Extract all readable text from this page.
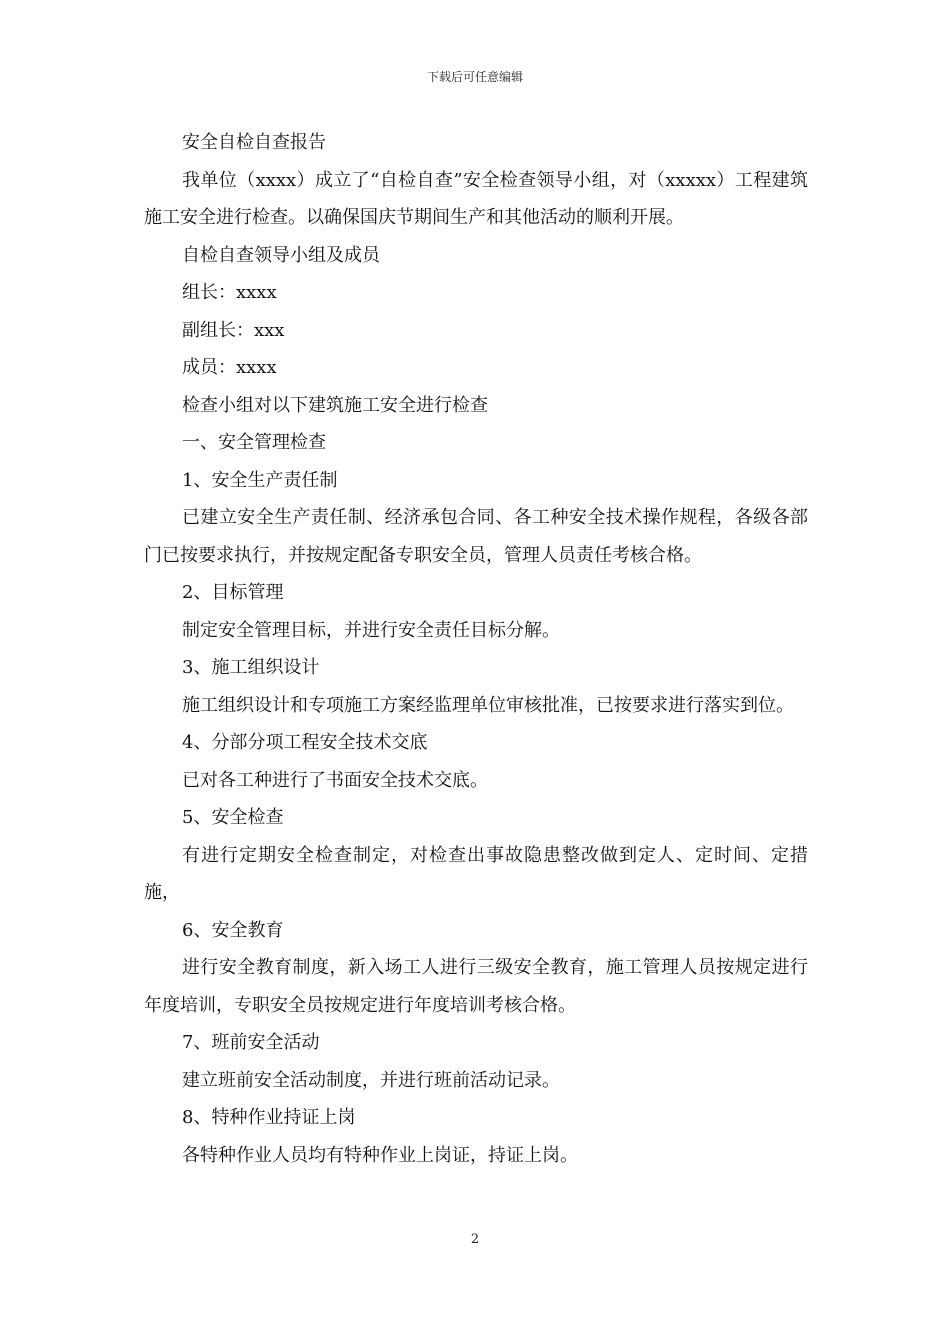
下载后可任意编辑

安全自检自查报告

我单位（xxxx）成立了“自检自查”安全检查领导小组，对（xxxxx）工程建筑施工安全进行检查。以确保国庆节期间生产和其他活动的顺利开展。

自检自查领导小组及成员

组长：xxxx

副组长：xxx

成员：xxxx

检查小组对以下建筑施工安全进行检查

一、安全管理检查

1、安全生产责任制

已建立安全生产责任制、经济承包合同、各工种安全技术操作规程，各级各部门已按要求执行，并按规定配备专职安全员，管理人员责任考核合格。

2、目标管理

制定安全管理目标，并进行安全责任目标分解。

3、施工组织设计

施工组织设计和专项施工方案经监理单位审核批准，已按要求进行落实到位。

4、分部分项工程安全技术交底

已对各工种进行了书面安全技术交底。

5、安全检查

有进行定期安全检查制定，对检查出事故隐患整改做到定人、定时间、定措施，

6、安全教育

进行安全教育制度，新入场工人进行三级安全教育，施工管理人员按规定进行年度培训，专职安全员按规定进行年度培训考核合格。

7、班前安全活动

建立班前安全活动制度，并进行班前活动记录。

8、特种作业持证上岗

各特种作业人员均有特种作业上岗证，持证上岗。

2
